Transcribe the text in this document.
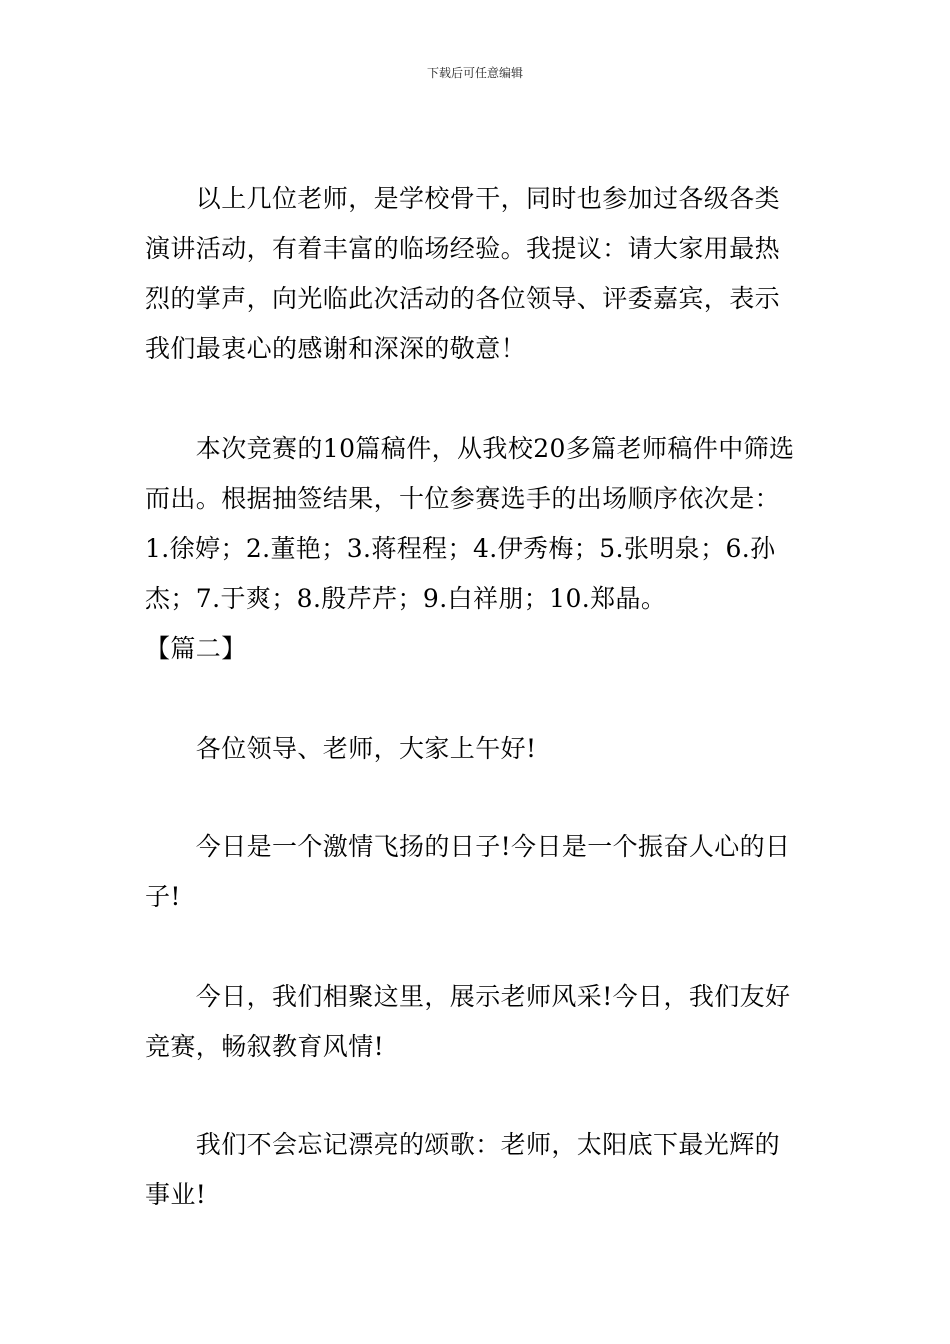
下载后可任意编辑
　　以上几位老师，是学校骨干，同时也参加过各级各类
演讲活动，有着丰富的临场经验。我提议：请大家用最热
烈的掌声，向光临此次活动的各位领导、评委嘉宾，表示
我们最衷心的感谢和深深的敬意！
　　本次竞赛的10篇稿件，从我校20多篇老师稿件中筛选
而出。根据抽签结果，十位参赛选手的出场顺序依次是：
1.徐婷；2.董艳；3.蒋程程；4.伊秀梅；5.张明泉；6.孙
杰；7.于爽；8.殷芹芹；9.白祥朋；10.郑晶。
【篇二】
　　各位领导、老师，大家上午好!
　　今日是一个激情飞扬的日子!今日是一个振奋人心的日
子!
　　今日，我们相聚这里，展示老师风采!今日，我们友好
竞赛，畅叙教育风情!
　　我们不会忘记漂亮的颂歌：老师，太阳底下最光辉的
事业!
